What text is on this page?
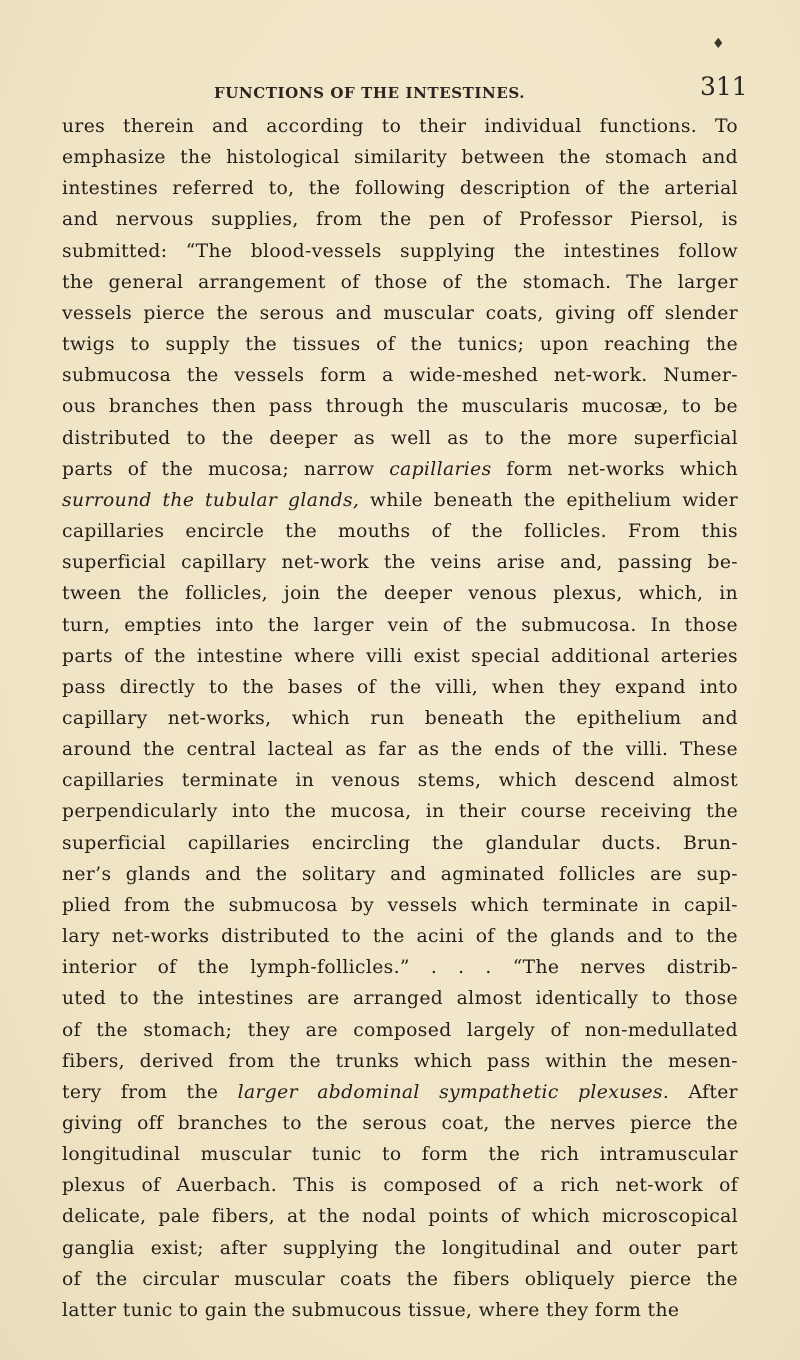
♦
FUNCTIONS OF THE INTESTINES.	311
ures therein and according to their individual functions. To
emphasize the histological similarity between the stomach and
intestines referred to, the following description of the arterial
and nervous supplies, from the pen of Professor Piersol, is
submitted: “The blood-vessels supplying the intestines follow
the general arrangement of those of the stomach. The larger
vessels pierce the serous and muscular coats, giving off slender
twigs to supply the tissues of the tunics; upon reaching the
submucosa the vessels form a wide-meshed net-work. Numer-
ous branches then pass through the muscularis mucosæ, to be
distributed to the deeper as well as to the more superficial
parts of the mucosa; narrow capillaries form net-works which
surround the tubular glands, while beneath the epithelium wider
capillaries encircle the mouths of the follicles. From this
superficial capillary net-work the veins arise and, passing be-
tween the follicles, join the deeper venous plexus, which, in
turn, empties into the larger vein of the submucosa. In those
parts of the intestine where villi exist special additional arteries
pass directly to the bases of the villi, when they expand into
capillary net-works, which run beneath the epithelium and
around the central lacteal as far as the ends of the villi. These
capillaries terminate in venous stems, which descend almost
perpendicularly into the mucosa, in their course receiving the
superficial capillaries encircling the glandular ducts. Brun-
ner’s glands and the solitary and agminated follicles are sup-
plied from the submucosa by vessels which terminate in capil-
lary net-works distributed to the acini of the glands and to the
interior of the lymph-follicles.” . . . “The nerves distrib-
uted to the intestines are arranged almost identically to those
of the stomach; they are composed largely of non-medullated
fibers, derived from the trunks which pass within the mesen-
tery from the larger abdominal sympathetic plexuses. After
giving off branches to the serous coat, the nerves pierce the
longitudinal muscular tunic to form the rich intramuscular
plexus of Auerbach. This is composed of a rich net-work of
delicate, pale fibers, at the nodal points of which microscopical
ganglia exist; after supplying the longitudinal and outer part
of the circular muscular coats the fibers obliquely pierce the
latter tunic to gain the submucous tissue, where they form the
